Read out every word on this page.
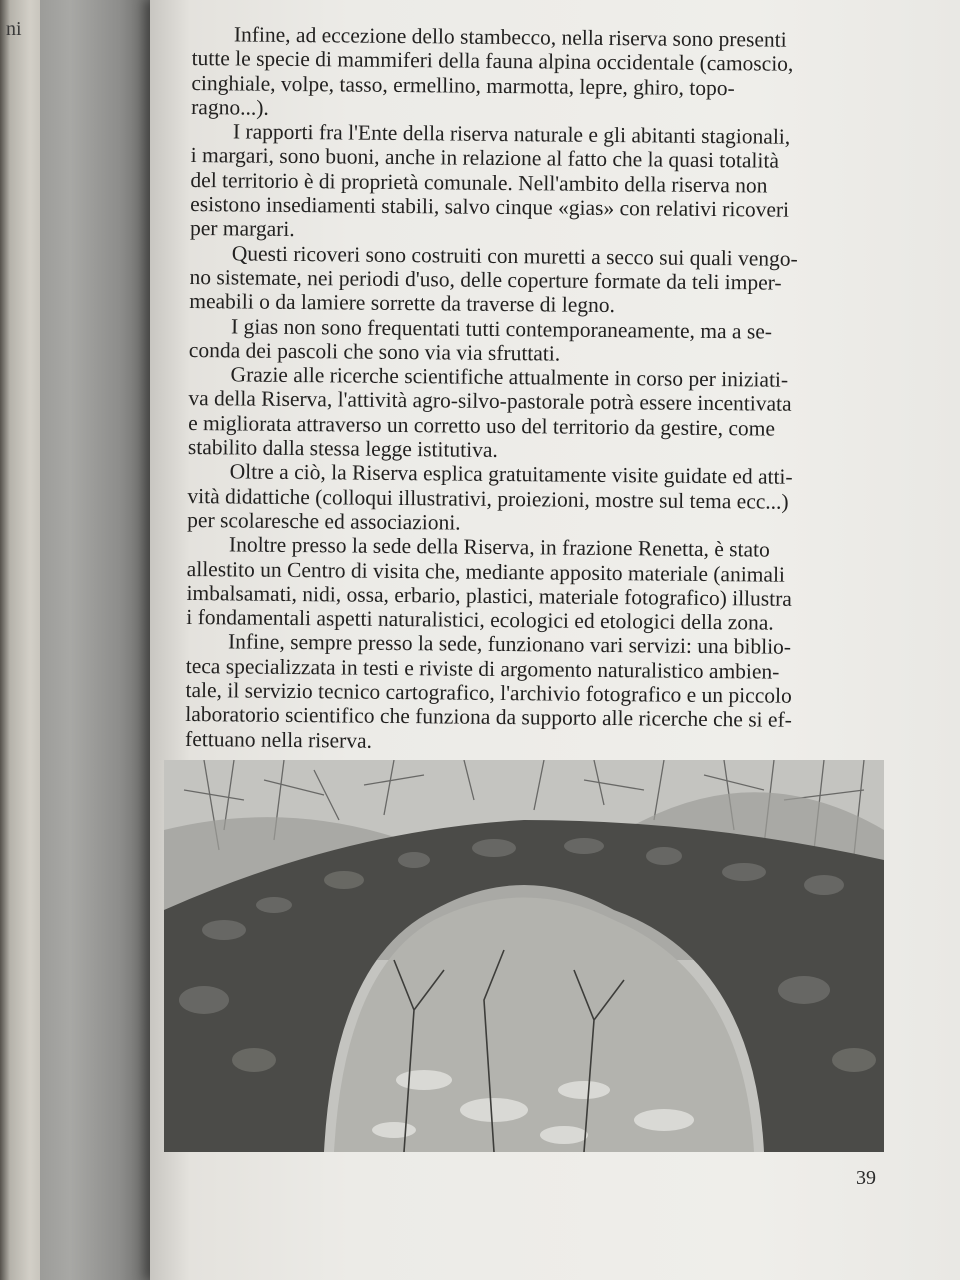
ni	Infine, ad eccezione dello stambecco, nella riserva sono presenti
tutte le specie di mammiferi della fauna alpina occidentale (camoscio,
cinghiale, volpe, tasso, ermellino, marmotta, lepre, ghiro, topo-
ragno...).

I rapporti fra l'Ente della riserva naturale e gli abitanti stagionali,
i margari, sono buoni, anche in relazione al fatto che la quasi totalità
del territorio è di proprietà comunale. Nell'ambito della riserva non
esistono insediamenti stabili, salvo cinque «gias» con relativi ricoveri
per margari.

Questi ricoveri sono costruiti con muretti a secco sui quali vengo-
no sistemate, nei periodi d'uso, delle coperture formate da teli imper-
meabili o da lamiere sorrette da traverse di legno.

I gias non sono frequentati tutti contemporaneamente, ma a se-
conda dei pascoli che sono via via sfruttati.

Grazie alle ricerche scientifiche attualmente in corso per iniziati-
va della Riserva, l'attività agro-silvo-pastorale potrà essere incentivata
e migliorata attraverso un corretto uso del territorio da gestire, come
stabilito dalla stessa legge istitutiva.

Oltre a ciò, la Riserva esplica gratuitamente visite guidate ed atti-
vità didattiche (colloqui illustrativi, proiezioni, mostre sul tema ecc...)
per scolaresche ed associazioni.

Inoltre presso la sede della Riserva, in frazione Renetta, è stato
allestito un Centro di visita che, mediante apposito materiale (animali
imbalsamati, nidi, ossa, erbario, plastici, materiale fotografico) illustra
i fondamentali aspetti naturalistici, ecologici ed etologici della zona.

Infine, sempre presso la sede, funzionano vari servizi: una biblio-
teca specializzata in testi e riviste di argomento naturalistico ambien-
tale, il servizio tecnico cartografico, l'archivio fotografico e un piccolo
laboratorio scientifico che funziona da supporto alle ricerche che si ef-
fettuano nella riserva.

39
